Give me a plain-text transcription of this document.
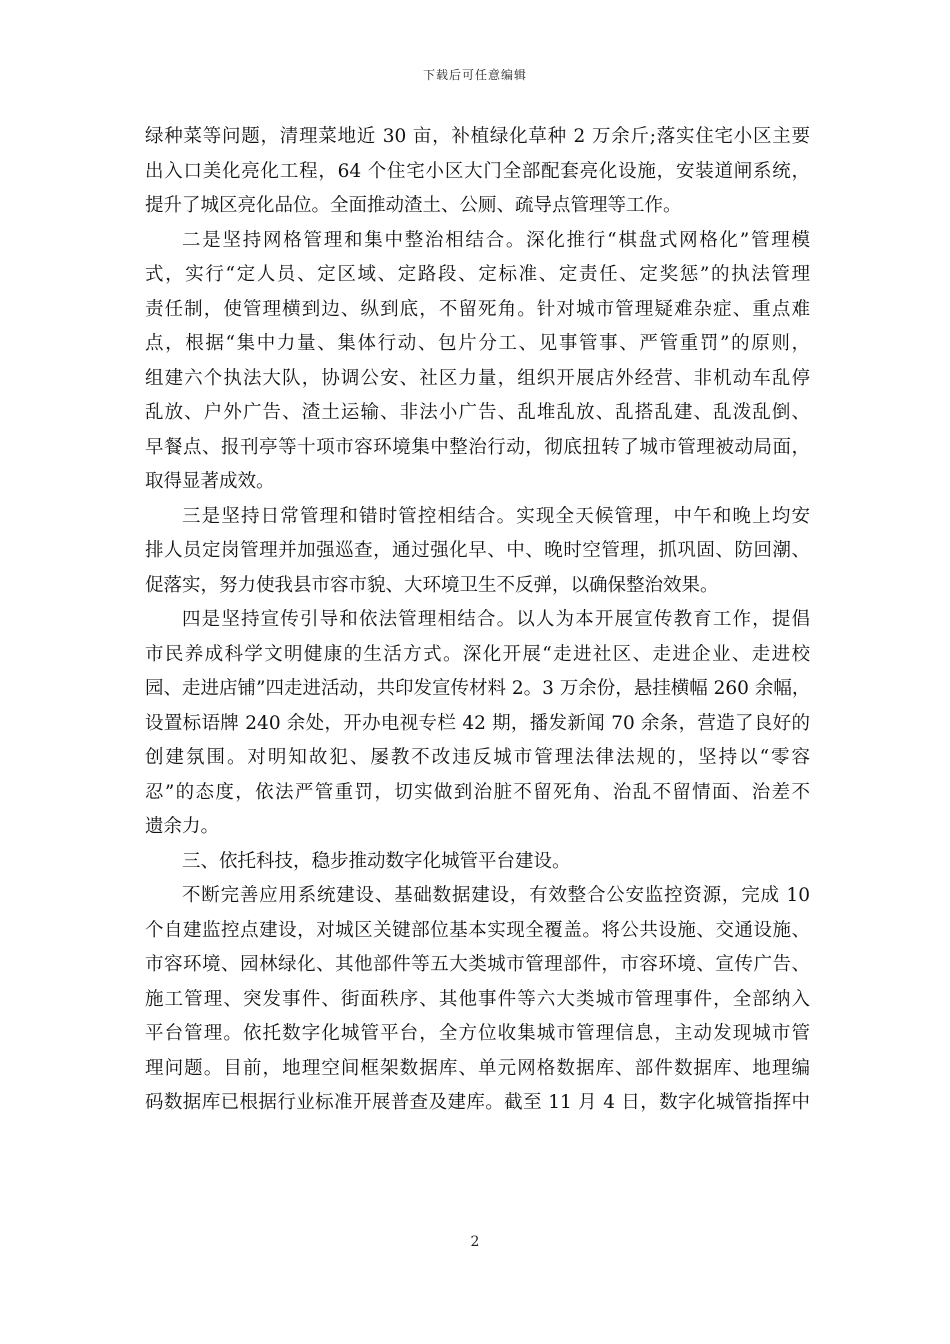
下载后可任意编辑
绿种菜等问题，清理菜地近 30 亩，补植绿化草种 2 万余斤;落实住宅小区主要
出入口美化亮化工程，64 个住宅小区大门全部配套亮化设施，安装道闸系统，
提升了城区亮化品位。全面推动渣土、公厕、疏导点管理等工作。
二是坚持网格管理和集中整治相结合。深化推行“棋盘式网格化”管理模
式，实行“定人员、定区域、定路段、定标准、定责任、定奖惩”的执法管理
责任制，使管理横到边、纵到底，不留死角。针对城市管理疑难杂症、重点难
点，根据“集中力量、集体行动、包片分工、见事管事、严管重罚”的原则，
组建六个执法大队，协调公安、社区力量，组织开展店外经营、非机动车乱停
乱放、户外广告、渣土运输、非法小广告、乱堆乱放、乱搭乱建、乱泼乱倒、
早餐点、报刊亭等十项市容环境集中整治行动，彻底扭转了城市管理被动局面，
取得显著成效。
三是坚持日常管理和错时管控相结合。实现全天候管理，中午和晚上均安
排人员定岗管理并加强巡查，通过强化早、中、晚时空管理，抓巩固、防回潮、
促落实，努力使我县市容市貌、大环境卫生不反弹，以确保整治效果。
四是坚持宣传引导和依法管理相结合。以人为本开展宣传教育工作，提倡
市民养成科学文明健康的生活方式。深化开展“走进社区、走进企业、走进校
园、走进店铺”四走进活动，共印发宣传材料 2。3 万余份，悬挂横幅 260 余幅，
设置标语牌 240 余处，开办电视专栏 42 期，播发新闻 70 余条，营造了良好的
创建氛围。对明知故犯、屡教不改违反城市管理法律法规的，坚持以“零容
忍”的态度，依法严管重罚，切实做到治脏不留死角、治乱不留情面、治差不
遗余力。
三、依托科技，稳步推动数字化城管平台建设。
不断完善应用系统建设、基础数据建设，有效整合公安监控资源，完成 10
个自建监控点建设，对城区关键部位基本实现全覆盖。将公共设施、交通设施、
市容环境、园林绿化、其他部件等五大类城市管理部件，市容环境、宣传广告、
施工管理、突发事件、街面秩序、其他事件等六大类城市管理事件，全部纳入
平台管理。依托数字化城管平台，全方位收集城市管理信息，主动发现城市管
理问题。目前，地理空间框架数据库、单元网格数据库、部件数据库、地理编
码数据库已根据行业标准开展普查及建库。截至 11 月 4 日，数字化城管指挥中
2
